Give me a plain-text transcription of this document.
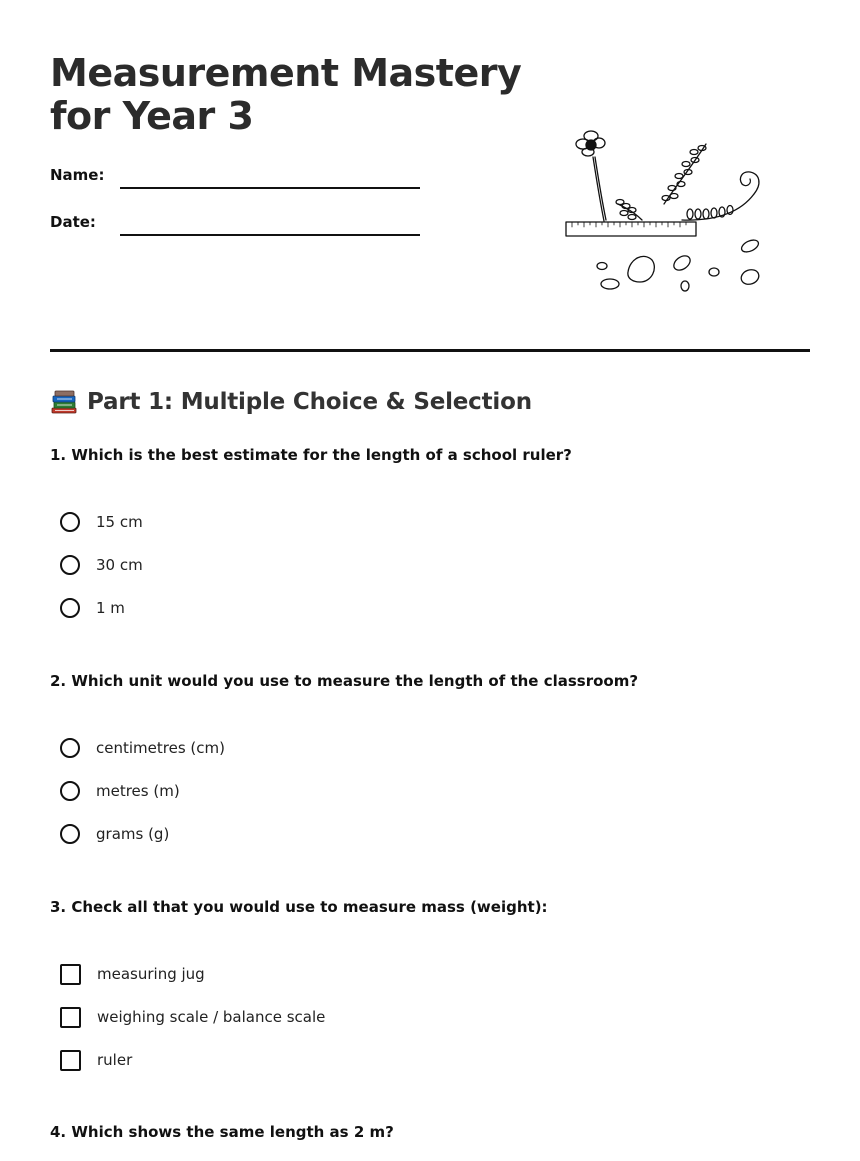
Measurement Mastery
for Year 3
Name:
Date:
Part 1: Multiple Choice & Selection

1. Which is the best estimate for the length of a school ruler?

15 cm
30 cm
1 m

2. Which unit would you use to measure the length of the classroom?

centimetres (cm)
metres (m)
grams (g)

3. Check all that you would use to measure mass (weight):

measuring jug
weighing scale / balance scale
ruler

4. Which shows the same length as 2 m?
